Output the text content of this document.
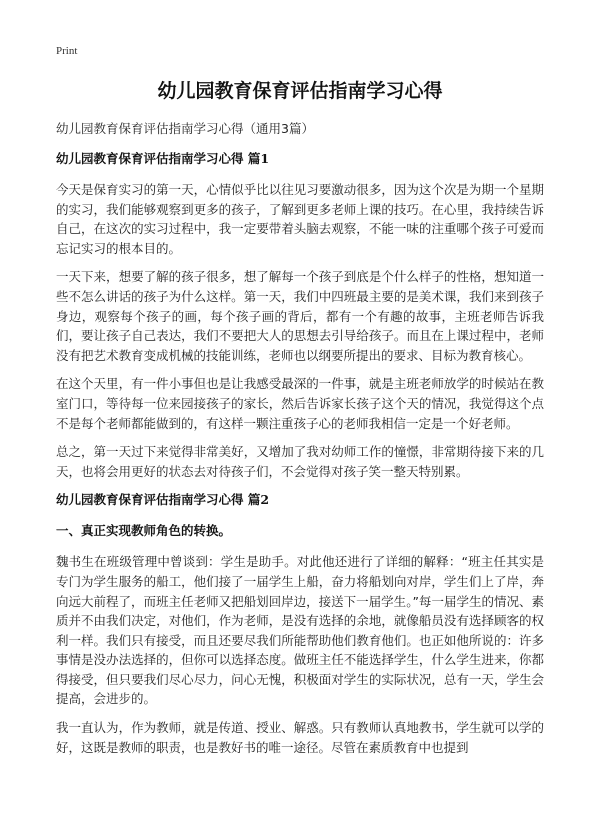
Print
幼儿园教育保育评估指南学习心得
幼儿园教育保育评估指南学习心得（通用3篇）
幼儿园教育保育评估指南学习心得 篇1

今天是保育实习的第一天，心情似乎比以往见习要激动很多，因为这个次是为期一个星期的实习，我们能够观察到更多的孩子，了解到更多老师上课的技巧。在心里，我持续告诉自己，在这次的实习过程中，我一定要带着头脑去观察，不能一味的注重哪个孩子可爱而忘记实习的根本目的。

一天下来，想要了解的孩子很多，想了解每一个孩子到底是个什么样子的性格，想知道一些不怎么讲话的孩子为什么这样。第一天，我们中四班最主要的是美术课，我们来到孩子身边，观察每个孩子的画，每个孩子画的背后，都有一个有趣的故事，主班老师告诉我们，要让孩子自己表达，我们不要把大人的思想去引导给孩子。而且在上课过程中，老师没有把艺术教育变成机械的技能训练，老师也以纲要所提出的要求、目标为教育核心。

在这个天里，有一件小事但也是让我感受最深的一件事，就是主班老师放学的时候站在教室门口，等待每一位来园接孩子的家长，然后告诉家长孩子这个天的情况，我觉得这个点不是每个老师都能做到的，有这样一颗注重孩子心的老师我相信一定是一个好老师。

总之，第一天过下来觉得非常美好，又增加了我对幼师工作的憧憬，非常期待接下来的几天，也将会用更好的状态去对待孩子们，不会觉得对孩子笑一整天特别累。

幼儿园教育保育评估指南学习心得 篇2
一、真正实现教师角色的转换。

魏书生在班级管理中曾谈到：学生是助手。对此他还进行了详细的解释：“班主任其实是专门为学生服务的船工，他们接了一届学生上船，奋力将船划向对岸，学生们上了岸，奔向远大前程了，而班主任老师又把船划回岸边，接送下一届学生。”每一届学生的情况、素质并不由我们决定，对他们，作为老师，是没有选择的余地，就像船员没有选择顾客的权利一样。我们只有接受，而且还要尽我们所能帮助他们教育他们。也正如他所说的：许多事情是没办法选择的，但你可以选择态度。做班主任不能选择学生，什么学生进来，你都得接受，但只要我们尽心尽力，问心无愧，积极面对学生的实际状况，总有一天，学生会提高，会进步的。

我一直认为，作为教师，就是传道、授业、解惑。只有教师认真地教书，学生就可以学的好，这既是教师的职责，也是教好书的唯一途径。尽管在素质教育中也提到
